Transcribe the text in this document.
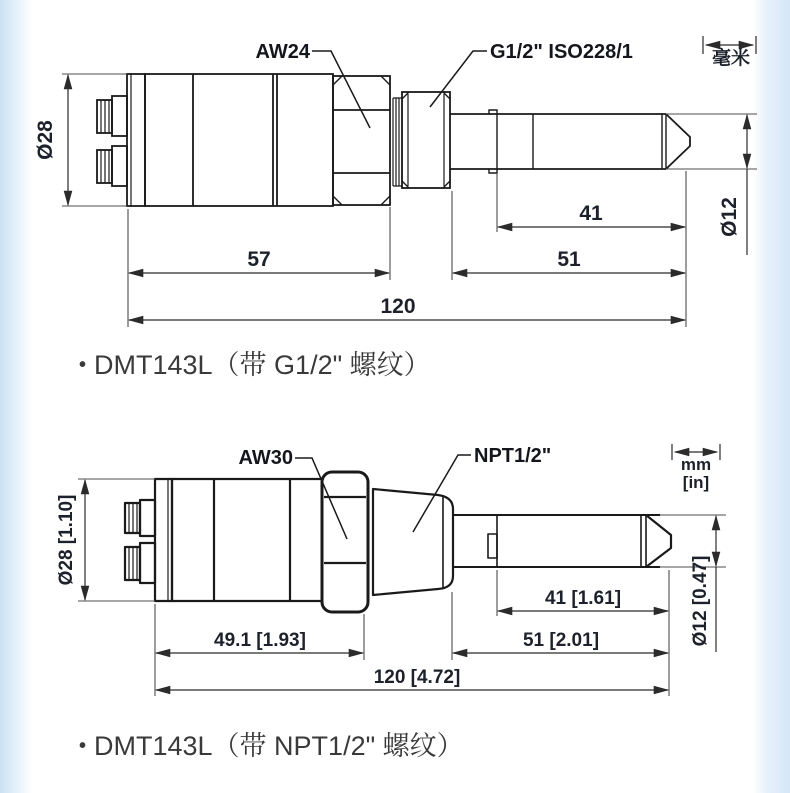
AW24	G1/2" ISO228/1	毫米
Ø28
Ø12
41
51
57
120
• DMT143L（带 G1/2" 螺纹）
AW30	NPT1/2"	mm
[in]
Ø28 [1.10]
Ø12 [0.47]
41 [1.61]
51 [2.01]
49.1 [1.93]
120 [4.72]
• DMT143L（带 NPT1/2" 螺纹）
